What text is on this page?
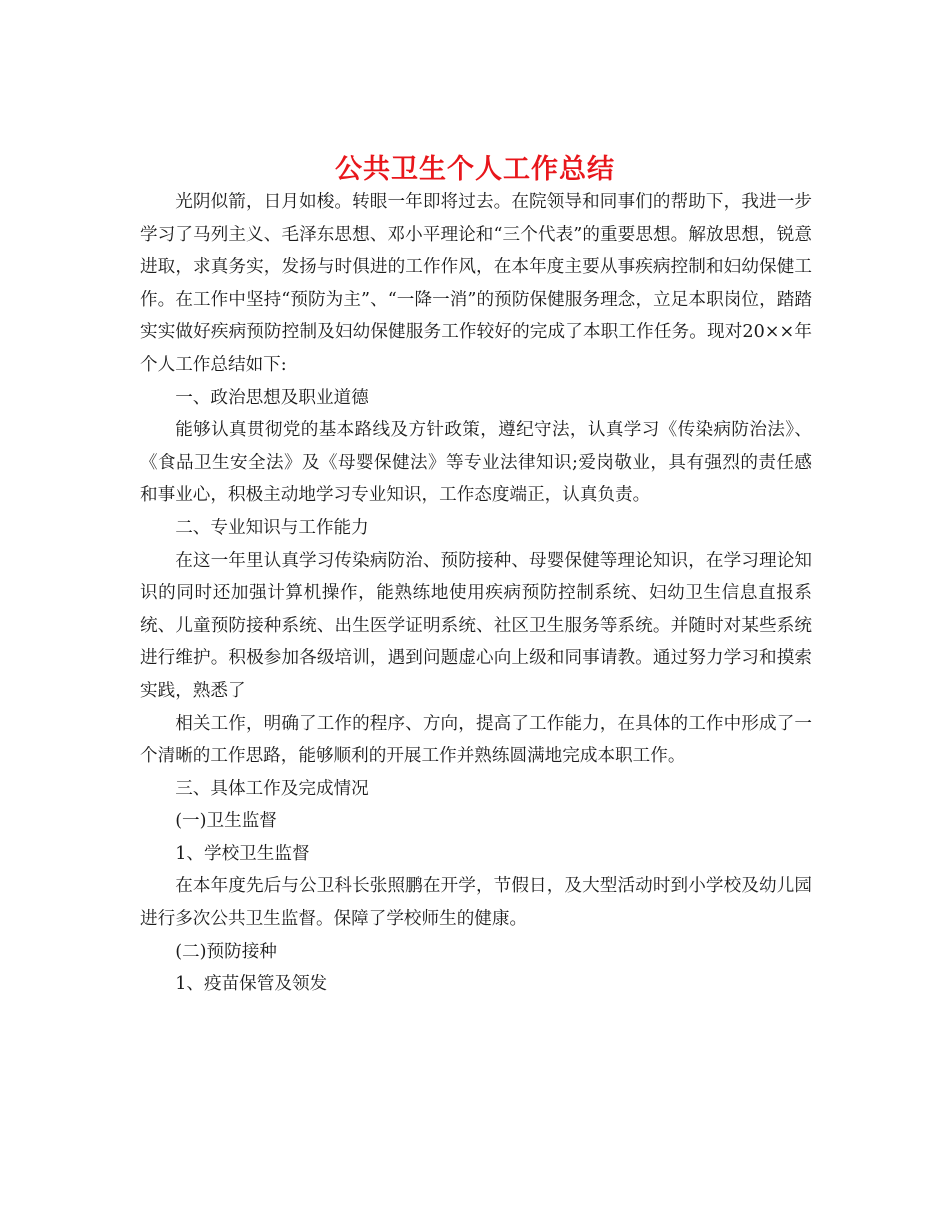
公共卫生个人工作总结

光阴似箭，日月如梭。转眼一年即将过去。在院领导和同事们的帮助下，我进一步学习了马列主义、毛泽东思想、邓小平理论和“三个代表”的重要思想。解放思想，锐意进取，求真务实，发扬与时俱进的工作作风，在本年度主要从事疾病控制和妇幼保健工作。在工作中坚持“预防为主”、“一降一消”的预防保健服务理念，立足本职岗位，踏踏实实做好疾病预防控制及妇幼保健服务工作较好的完成了本职工作任务。现对20××年个人工作总结如下:

一、政治思想及职业道德

能够认真贯彻党的基本路线及方针政策，遵纪守法，认真学习《传染病防治法》、《食品卫生安全法》及《母婴保健法》等专业法律知识;爱岗敬业，具有强烈的责任感和事业心，积极主动地学习专业知识，工作态度端正，认真负责。

二、专业知识与工作能力

在这一年里认真学习传染病防治、预防接种、母婴保健等理论知识，在学习理论知识的同时还加强计算机操作，能熟练地使用疾病预防控制系统、妇幼卫生信息直报系统、儿童预防接种系统、出生医学证明系统、社区卫生服务等系统。并随时对某些系统进行维护。积极参加各级培训，遇到问题虚心向上级和同事请教。通过努力学习和摸索实践，熟悉了

相关工作，明确了工作的程序、方向，提高了工作能力，在具体的工作中形成了一个清晰的工作思路，能够顺利的开展工作并熟练圆满地完成本职工作。

三、具体工作及完成情况

(一)卫生监督

1、学校卫生监督

在本年度先后与公卫科长张照鹏在开学，节假日，及大型活动时到小学校及幼儿园进行多次公共卫生监督。保障了学校师生的健康。

(二)预防接种

1、疫苗保管及领发
